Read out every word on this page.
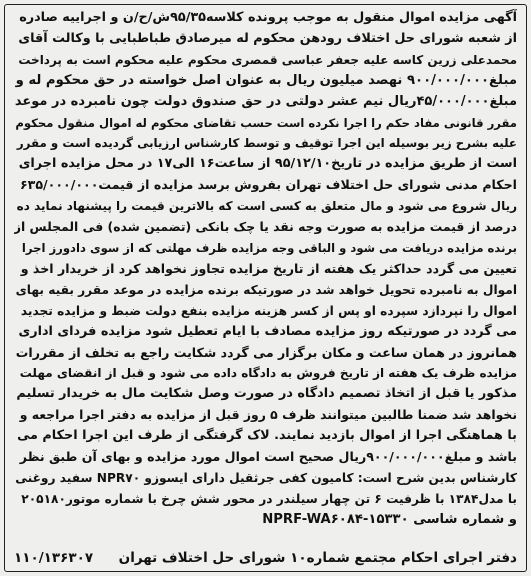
آگهی مزایده اموال منقول به موجب پرونده کلاسه۹۵/۳۵ش/ح/ن و اجراییه صادره
از شعبه شورای حل اختلاف رودهن محکوم له میرصادق طباطبایی با وکالت آقای
محمدعلی زرین کاسه علیه جعفر عباسی قمصری محکوم علیه محکوم است به پرداخت
مبلغ۹۰۰/۰۰۰/۰۰۰ نهصد میلیون ریال به عنوان اصل خواسته در حق محکوم له و
مبلغ۴۵/۰۰۰/۰۰۰ریال نیم عشر دولتی در حق صندوق دولت چون نامبرده در موعد
مقرر قانونی مفاد حکم را اجرا نکرده است حسب تقاضای محکوم له اموال منقول محکوم
علیه بشرح زیر بوسیله این اجرا توقیف و توسط کارشناس ارزیابی گردیده است و مقرر
است از طریق مزایده در تاریخ۹۵/۱۲/۱۰ از ساعت۱۶ الی۱۷ در محل مزایده اجرای
احکام مدنی شورای حل اختلاف تهران بفروش برسد مزایده از قیمت۶۳۵/۰۰۰/۰۰۰
ریال شروع می شود و مال متعلق به کسی است که بالاترین قیمت را پیشنهاد نماید ده
درصد از قیمت مزایده به صورت وجه نقد یا چک بانکی (تضمین شده) فی المجلس از
برنده مزایده دریافت می شود و الباقی وجه مزایده ظرف مهلتی که از سوی دادورز اجرا
تعیین می گردد حداکثر یک هفته از تاریخ مزایده تجاوز نخواهد کرد از خریدار اخذ و
اموال به نامبرده تحویل خواهد شد در صورتیکه برنده مزایده در موعد مقرر بقیه بهای
اموال را نپردازد سپرده او پس از کسر هزینه مزایده بنفع دولت ضبط و مزایده تجدید
می گردد در صورتیکه روز مزایده مصادف با ایام تعطیل شود مزایده فردای اداری
همانروز در همان ساعت و مکان برگزار می گردد شکایت راجع به تخلف از مقررات
مزایده ظرف یک هفته از تاریخ فروش به دادگاه داده می شود و قبل از انقضای مهلت
مذکور یا قبل از اتخاذ تصمیم دادگاه در صورت وصل شکایت مال به خریدار تسلیم
نخواهد شد ضمنا طالبین میتوانند ظرف ۵ روز قبل از مزایده به دفتر اجرا مراجعه و
با هماهنگی اجرا از اموال بازدید نمایند. لاک گرفتگی از طرف این اجرا احکام می
باشد و مبلغ۹۰۰/۰۰۰/۰۰۰ریال صحیح است اموال مورد مزایده و بهای آن طبق نظر
کارشناس بدین شرح است: کامیون کفی جرثقیل دارای ایسوزو NPR۷۰ سفید روغنی
با مدل۱۳۸۴ با ظرفیت ۶ تن چهار سیلندر در محور شش چرخ با شماره موتور۲۰۵۱۸۰
و شماره شاسی NPRF-WA۶۰۸۴-۱۵۳۳۰
دفتر اجرای احکام مجتمع شماره۱۰ شورای حل اختلاف تهران
۱۱۰/۱۳۶۳۰۷
